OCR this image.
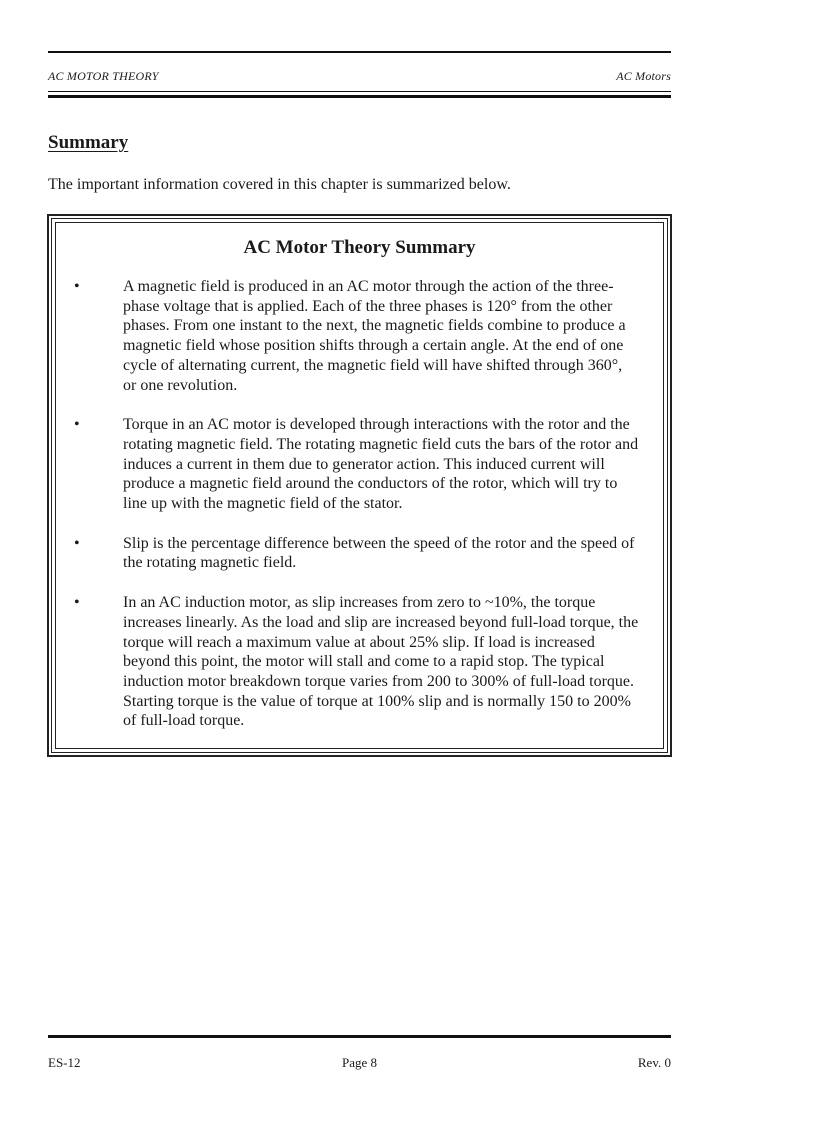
AC MOTOR THEORY	AC Motors
Summary
The important information covered in this chapter is summarized below.
AC Motor Theory Summary
•	A magnetic field is produced in an AC motor through the action of the three-phase voltage that is applied. Each of the three phases is 120° from the other phases. From one instant to the next, the magnetic fields combine to produce a magnetic field whose position shifts through a certain angle. At the end of one cycle of alternating current, the magnetic field will have shifted through 360°, or one revolution.
•	Torque in an AC motor is developed through interactions with the rotor and the rotating magnetic field. The rotating magnetic field cuts the bars of the rotor and induces a current in them due to generator action. This induced current will produce a magnetic field around the conductors of the rotor, which will try to line up with the magnetic field of the stator.
•	Slip is the percentage difference between the speed of the rotor and the speed of the rotating magnetic field.
•	In an AC induction motor, as slip increases from zero to ~10%, the torque increases linearly. As the load and slip are increased beyond full-load torque, the torque will reach a maximum value at about 25% slip. If load is increased beyond this point, the motor will stall and come to a rapid stop. The typical induction motor breakdown torque varies from 200 to 300% of full-load torque. Starting torque is the value of torque at 100% slip and is normally 150 to 200% of full-load torque.
ES-12	Page 8	Rev. 0
